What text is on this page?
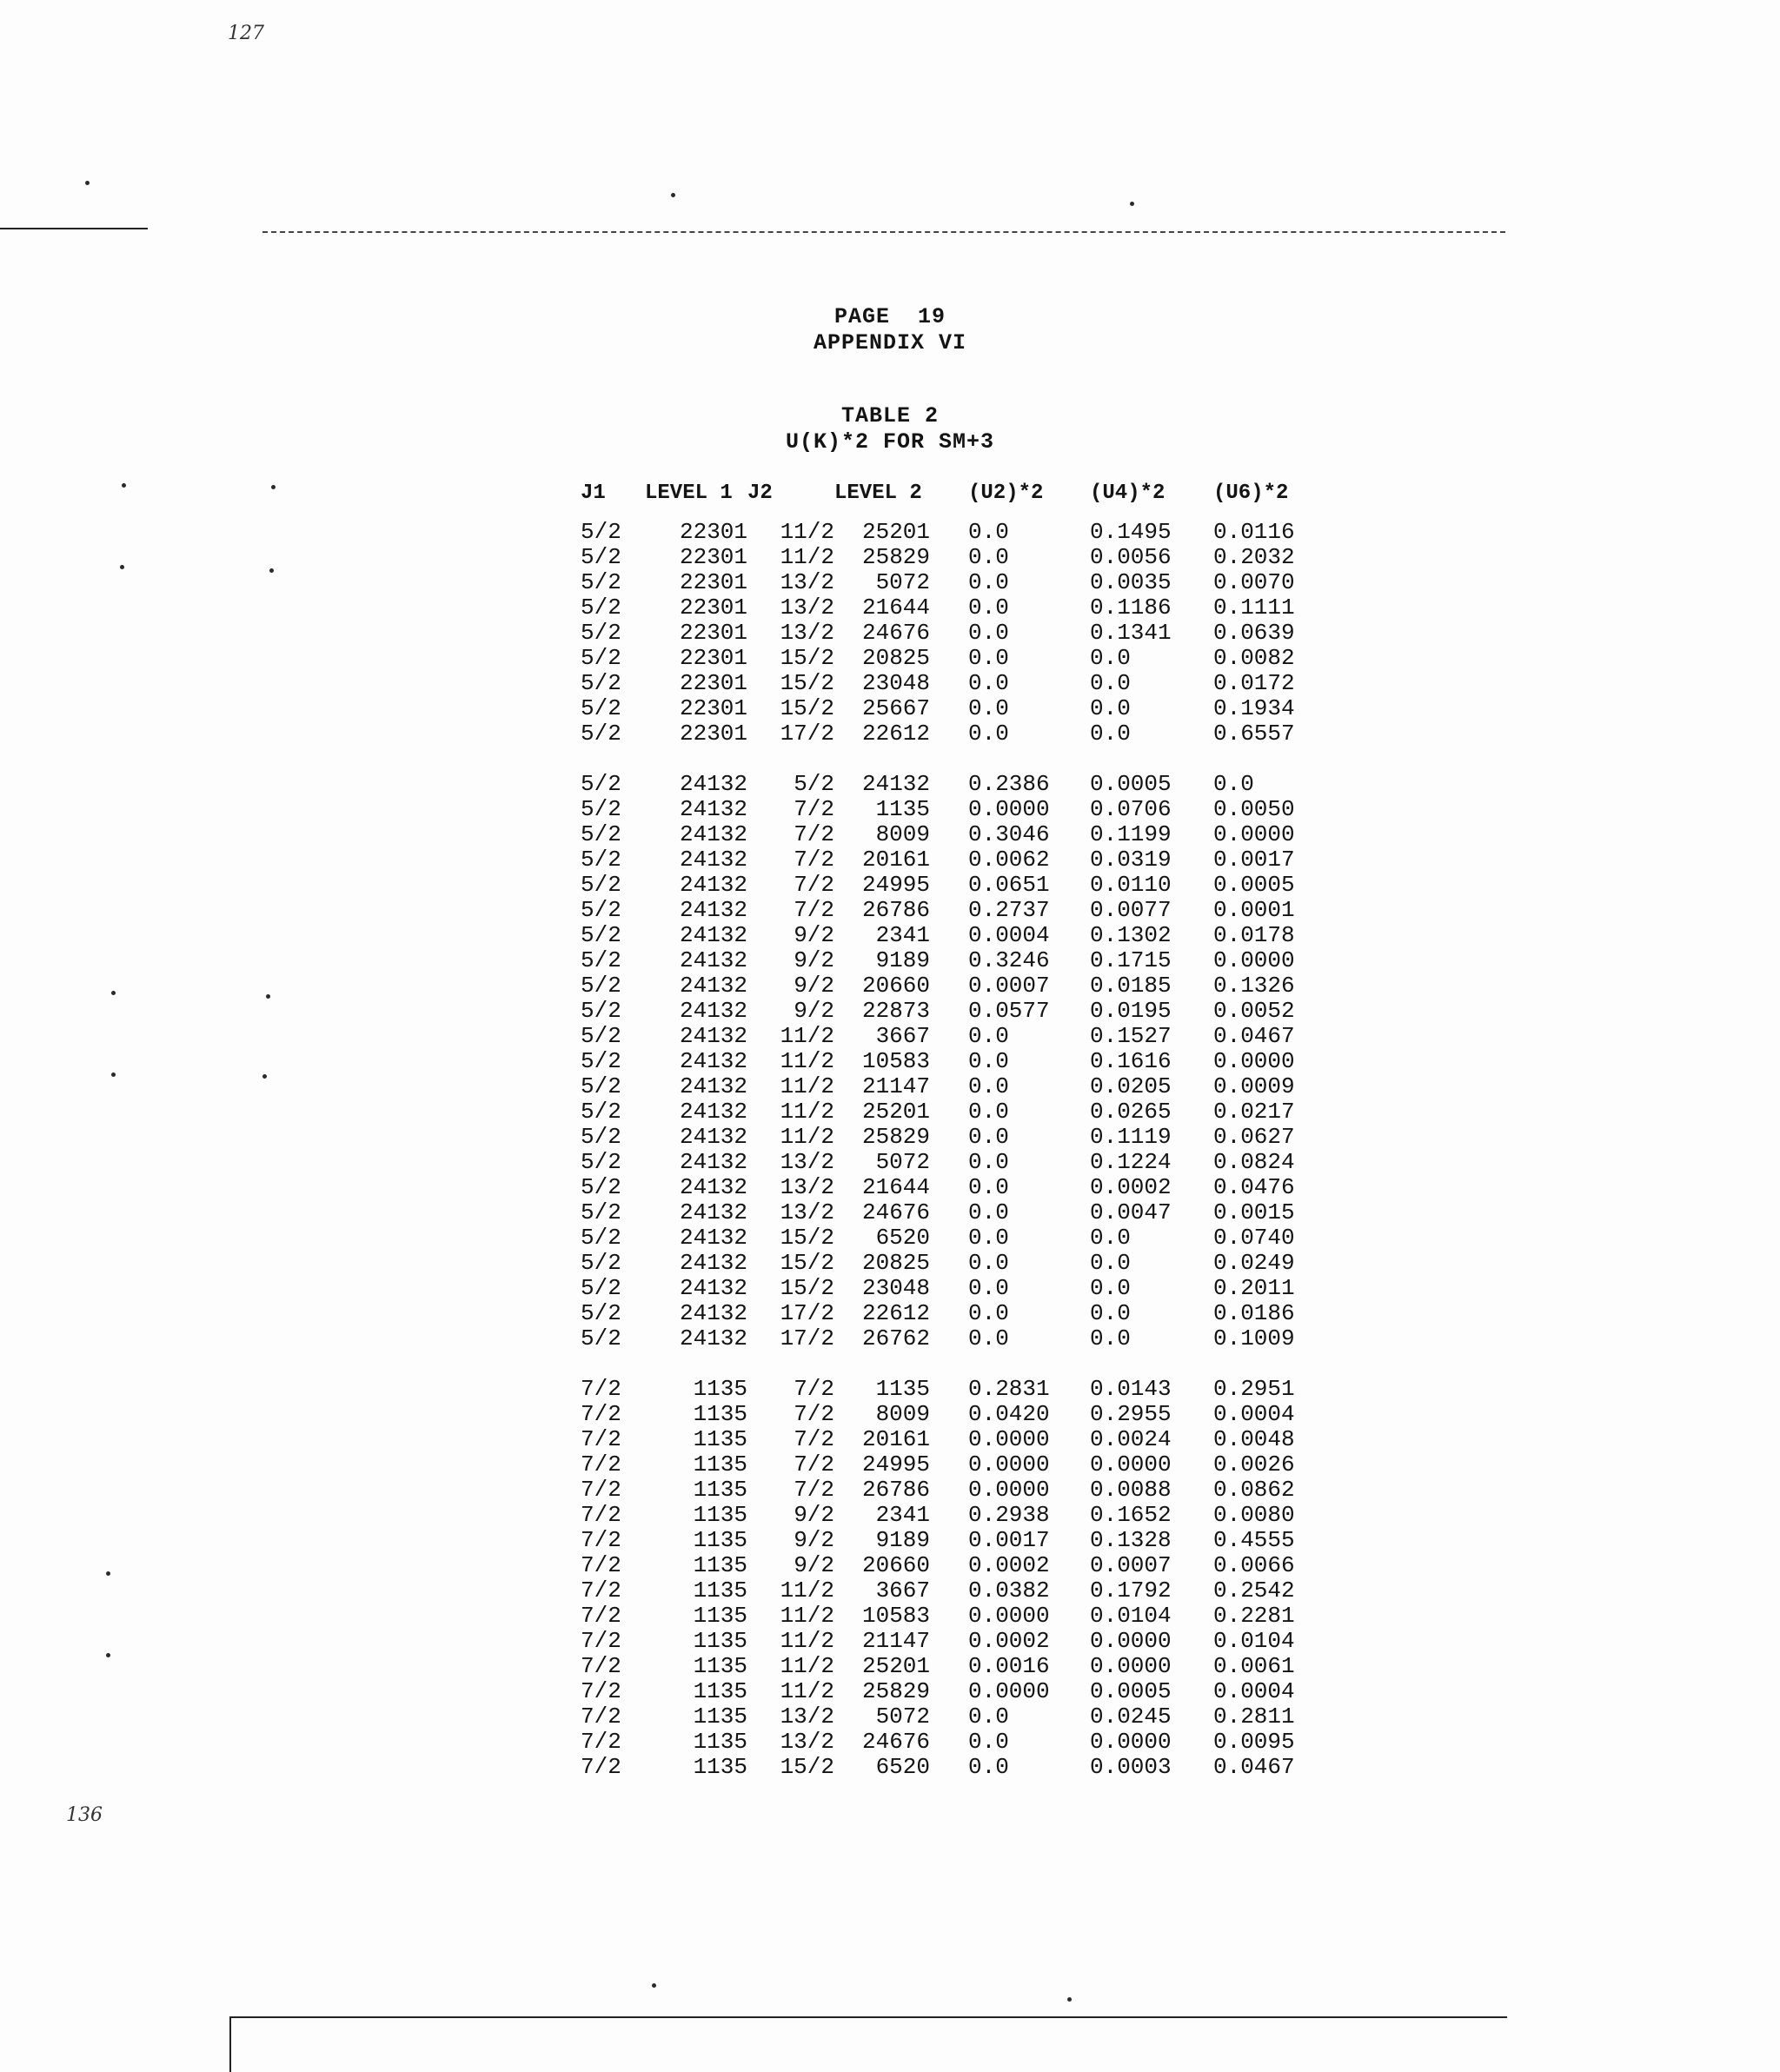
127
136
PAGE  19
APPENDIX VI
TABLE 2
U(K)*2 FOR SM+3
J1	LEVEL 1	J2	LEVEL 2	(U2)*2	(U4)*2	(U6)*2
5/2	22301	11/2	25201	0.0	0.1495	0.0116
5/2	22301	11/2	25829	0.0	0.0056	0.2032
5/2	22301	13/2	5072	0.0	0.0035	0.0070
5/2	22301	13/2	21644	0.0	0.1186	0.1111
5/2	22301	13/2	24676	0.0	0.1341	0.0639
5/2	22301	15/2	20825	0.0	0.0	0.0082
5/2	22301	15/2	23048	0.0	0.0	0.0172
5/2	22301	15/2	25667	0.0	0.0	0.1934
5/2	22301	17/2	22612	0.0	0.0	0.6557
5/2	24132	5/2	24132	0.2386	0.0005	0.0
5/2	24132	7/2	1135	0.0000	0.0706	0.0050
5/2	24132	7/2	8009	0.3046	0.1199	0.0000
5/2	24132	7/2	20161	0.0062	0.0319	0.0017
5/2	24132	7/2	24995	0.0651	0.0110	0.0005
5/2	24132	7/2	26786	0.2737	0.0077	0.0001
5/2	24132	9/2	2341	0.0004	0.1302	0.0178
5/2	24132	9/2	9189	0.3246	0.1715	0.0000
5/2	24132	9/2	20660	0.0007	0.0185	0.1326
5/2	24132	9/2	22873	0.0577	0.0195	0.0052
5/2	24132	11/2	3667	0.0	0.1527	0.0467
5/2	24132	11/2	10583	0.0	0.1616	0.0000
5/2	24132	11/2	21147	0.0	0.0205	0.0009
5/2	24132	11/2	25201	0.0	0.0265	0.0217
5/2	24132	11/2	25829	0.0	0.1119	0.0627
5/2	24132	13/2	5072	0.0	0.1224	0.0824
5/2	24132	13/2	21644	0.0	0.0002	0.0476
5/2	24132	13/2	24676	0.0	0.0047	0.0015
5/2	24132	15/2	6520	0.0	0.0	0.0740
5/2	24132	15/2	20825	0.0	0.0	0.0249
5/2	24132	15/2	23048	0.0	0.0	0.2011
5/2	24132	17/2	22612	0.0	0.0	0.0186
5/2	24132	17/2	26762	0.0	0.0	0.1009
7/2	1135	7/2	1135	0.2831	0.0143	0.2951
7/2	1135	7/2	8009	0.0420	0.2955	0.0004
7/2	1135	7/2	20161	0.0000	0.0024	0.0048
7/2	1135	7/2	24995	0.0000	0.0000	0.0026
7/2	1135	7/2	26786	0.0000	0.0088	0.0862
7/2	1135	9/2	2341	0.2938	0.1652	0.0080
7/2	1135	9/2	9189	0.0017	0.1328	0.4555
7/2	1135	9/2	20660	0.0002	0.0007	0.0066
7/2	1135	11/2	3667	0.0382	0.1792	0.2542
7/2	1135	11/2	10583	0.0000	0.0104	0.2281
7/2	1135	11/2	21147	0.0002	0.0000	0.0104
7/2	1135	11/2	25201	0.0016	0.0000	0.0061
7/2	1135	11/2	25829	0.0000	0.0005	0.0004
7/2	1135	13/2	5072	0.0	0.0245	0.2811
7/2	1135	13/2	24676	0.0	0.0000	0.0095
7/2	1135	15/2	6520	0.0	0.0003	0.0467
